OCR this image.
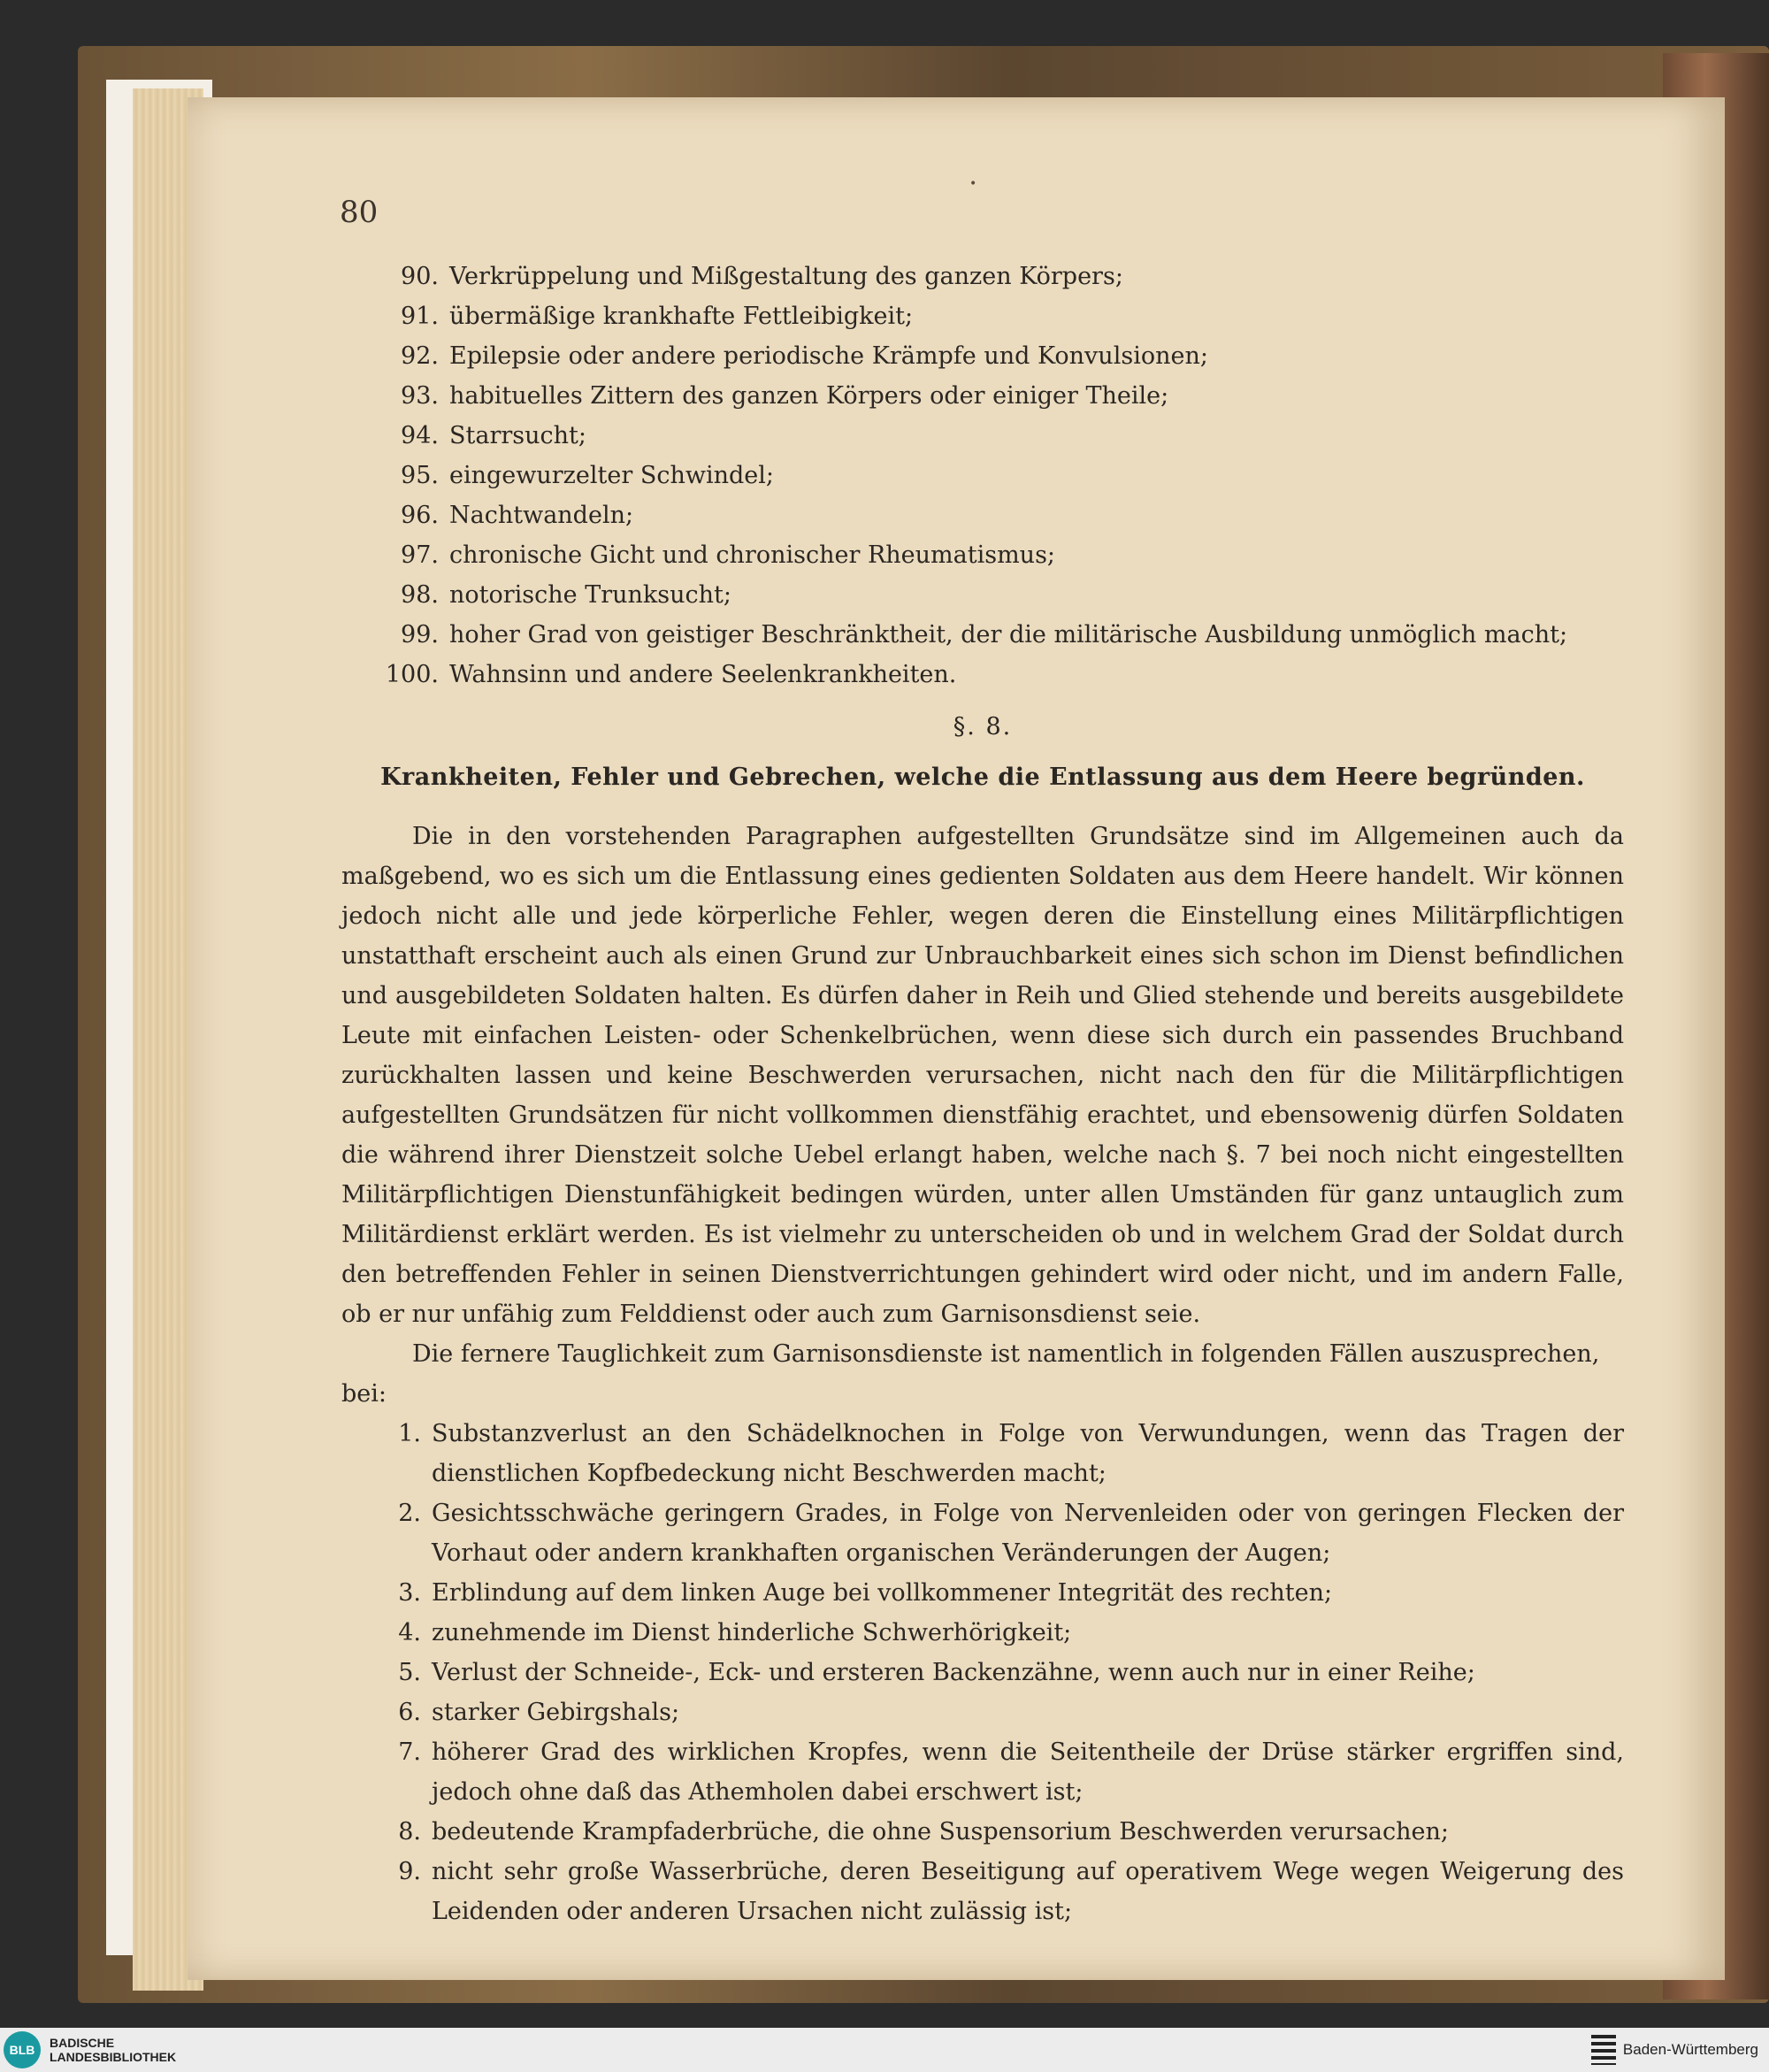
80
90. Verkrüppelung und Mißgestaltung des ganzen Körpers;
91. übermäßige krankhafte Fettleibigkeit;
92. Epilepsie oder andere periodische Krämpfe und Konvulsionen;
93. habituelles Zittern des ganzen Körpers oder einiger Theile;
94. Starrsucht;
95. eingewurzelter Schwindel;
96. Nachtwandeln;
97. chronische Gicht und chronischer Rheumatismus;
98. notorische Trunksucht;
99. hoher Grad von geistiger Beschränktheit, der die militärische Ausbildung unmöglich macht;
100. Wahnsinn und andere Seelenkrankheiten.
§. 8.
Krankheiten, Fehler und Gebrechen, welche die Entlassung aus dem Heere begründen.

Die in den vorstehenden Paragraphen aufgestellten Grundsätze sind im Allgemeinen auch da maßgebend, wo es sich um die Entlassung eines gedienten Soldaten aus dem Heere handelt. Wir können jedoch nicht alle und jede körperliche Fehler, wegen deren die Einstellung eines Militärpflichtigen unstatthaft erscheint auch als einen Grund zur Unbrauchbarkeit eines sich schon im Dienst befindlichen und ausgebildeten Soldaten halten. Es dürfen daher in Reih und Glied stehende und bereits ausgebildete Leute mit einfachen Leisten- oder Schenkelbrüchen, wenn diese sich durch ein passendes Bruchband zurückhalten lassen und keine Beschwerden verursachen, nicht nach den für die Militärpflichtigen aufgestellten Grundsätzen für nicht vollkommen dienstfähig erachtet, und ebensowenig dürfen Soldaten die während ihrer Dienstzeit solche Uebel erlangt haben, welche nach §. 7 bei noch nicht eingestellten Militärpflichtigen Dienstunfähigkeit bedingen würden, unter allen Umständen für ganz untauglich zum Militärdienst erklärt werden. Es ist vielmehr zu unterscheiden ob und in welchem Grad der Soldat durch den betreffenden Fehler in seinen Dienstverrichtungen gehindert wird oder nicht, und im andern Falle, ob er nur unfähig zum Felddienst oder auch zum Garnisonsdienst seie.

Die fernere Tauglichkeit zum Garnisonsdienste ist namentlich in folgenden Fällen auszusprechen, bei:

1. Substanzverlust an den Schädelknochen in Folge von Verwundungen, wenn das Tragen der dienstlichen Kopfbedeckung nicht Beschwerden macht;
2. Gesichtsschwäche geringern Grades, in Folge von Nervenleiden oder von geringen Flecken der Vorhaut oder andern krankhaften organischen Veränderungen der Augen;
3. Erblindung auf dem linken Auge bei vollkommener Integrität des rechten;
4. zunehmende im Dienst hinderliche Schwerhörigkeit;
5. Verlust der Schneide-, Eck- und ersteren Backenzähne, wenn auch nur in einer Reihe;
6. starker Gebirgshals;
7. höherer Grad des wirklichen Kropfes, wenn die Seitentheile der Drüse stärker ergriffen sind, jedoch ohne daß das Athemholen dabei erschwert ist;
8. bedeutende Krampfaderbrüche, die ohne Suspensorium Beschwerden verursachen;
9. nicht sehr große Wasserbrüche, deren Beseitigung auf operativem Wege wegen Weigerung des Leidenden oder anderen Ursachen nicht zulässig ist;
•
BLB	BADISCHE
LANDESBIBLIOTHEK	Baden-Württemberg
